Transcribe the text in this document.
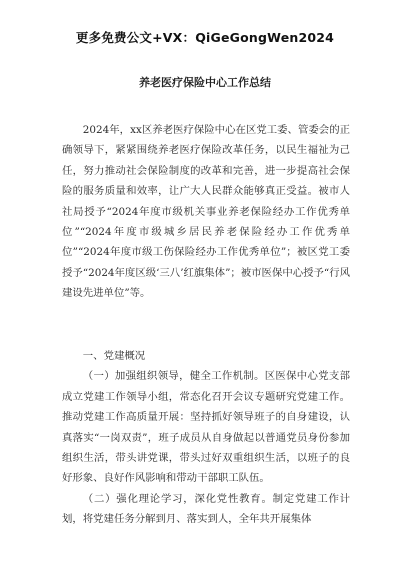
更多免费公文+VX：QiGeGongWen2024
养老医疗保险中心工作总结

2024年，xx区养老医疗保险中心在区党工委、管委会的正确领导下，紧紧围绕养老医疗保险改革任务，以民生福祉为己任，努力推动社会保险制度的改革和完善，进一步提高社会保险的服务质量和效率，让广大人民群众能够真正受益。被市人社局授予“2024年度市级机关事业养老保险经办工作优秀单位”“2024年度市级城乡居民养老保险经办工作优秀单位”“2024年度市级工伤保险经办工作优秀单位”；被区党工委授予“2024年度区级‘三八’红旗集体”；被市医保中心授予“行风建设先进单位”等。

一、党建概况

（一）加强组织领导，健全工作机制。区医保中心党支部成立党建工作领导小组，常态化召开会议专题研究党建工作。推动党建工作高质量开展：坚持抓好领导班子的自身建设，认真落实“一岗双责”，班子成员从自身做起以普通党员身份参加组织生活，带头讲党课，带头过好双重组织生活，以班子的良好形象、良好作风影响和带动干部职工队伍。

（二）强化理论学习，深化党性教育。制定党建工作计划，将党建任务分解到月、落实到人，全年共开展集体
